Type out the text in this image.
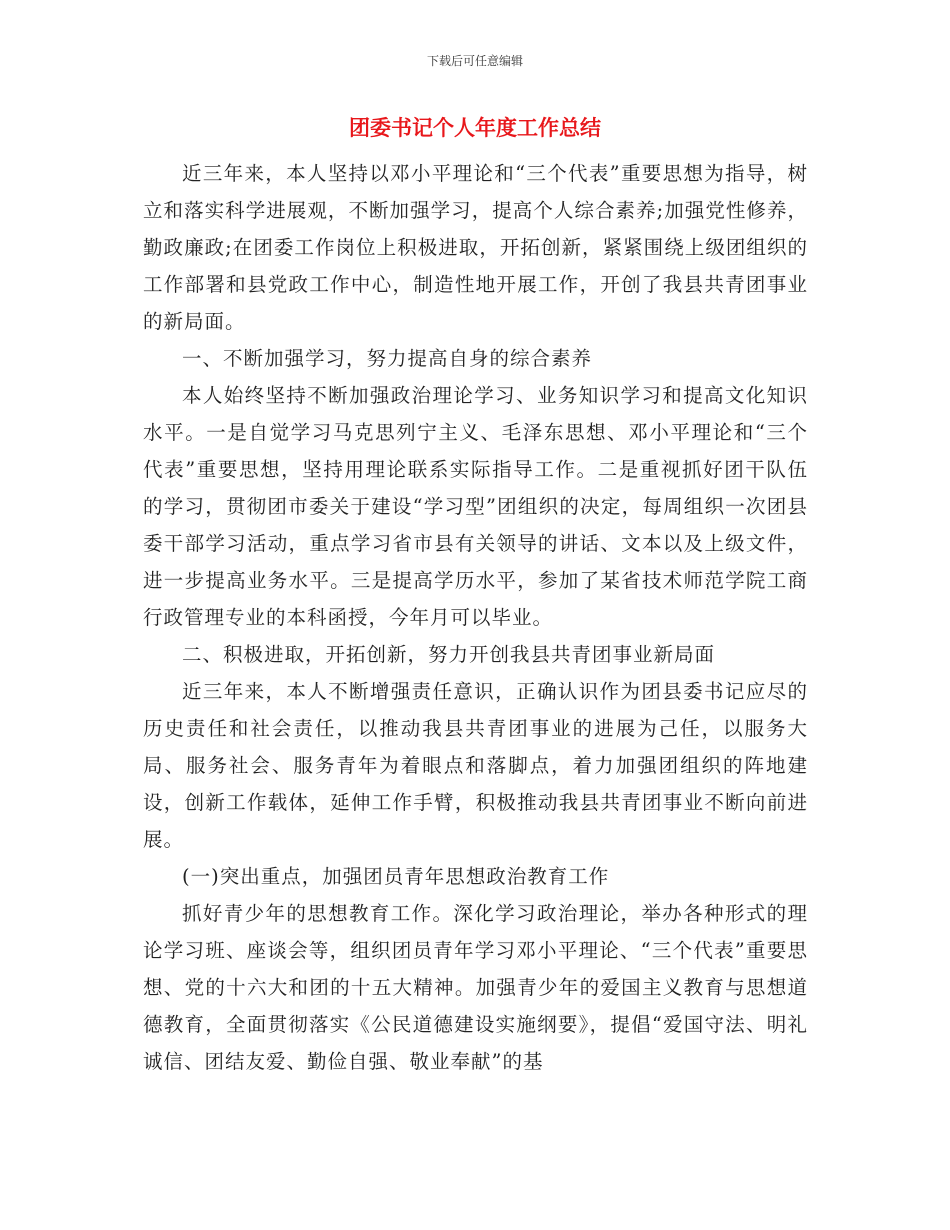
下载后可任意编辑
团委书记个人年度工作总结

近三年来，本人坚持以邓小平理论和“三个代表”重要思想为指导，树立和落实科学进展观，不断加强学习，提高个人综合素养;加强党性修养，勤政廉政;在团委工作岗位上积极进取，开拓创新，紧紧围绕上级团组织的工作部署和县党政工作中心，制造性地开展工作，开创了我县共青团事业的新局面。

一、不断加强学习，努力提高自身的综合素养

本人始终坚持不断加强政治理论学习、业务知识学习和提高文化知识水平。一是自觉学习马克思列宁主义、毛泽东思想、邓小平理论和“三个代表”重要思想，坚持用理论联系实际指导工作。二是重视抓好团干队伍的学习，贯彻团市委关于建设“学习型”团组织的决定，每周组织一次团县委干部学习活动，重点学习省市县有关领导的讲话、文本以及上级文件，进一步提高业务水平。三是提高学历水平，参加了某省技术师范学院工商行政管理专业的本科函授，今年月可以毕业。

二、积极进取，开拓创新，努力开创我县共青团事业新局面

近三年来，本人不断增强责任意识，正确认识作为团县委书记应尽的历史责任和社会责任，以推动我县共青团事业的进展为己任，以服务大局、服务社会、服务青年为着眼点和落脚点，着力加强团组织的阵地建设，创新工作载体，延伸工作手臂，积极推动我县共青团事业不断向前进展。

(一)突出重点，加强团员青年思想政治教育工作

抓好青少年的思想教育工作。深化学习政治理论，举办各种形式的理论学习班、座谈会等，组织团员青年学习邓小平理论、“三个代表”重要思想、党的十六大和团的十五大精神。加强青少年的爱国主义教育与思想道德教育，全面贯彻落实《公民道德建设实施纲要》，提倡“爱国守法、明礼诚信、团结友爱、勤俭自强、敬业奉献”的基
